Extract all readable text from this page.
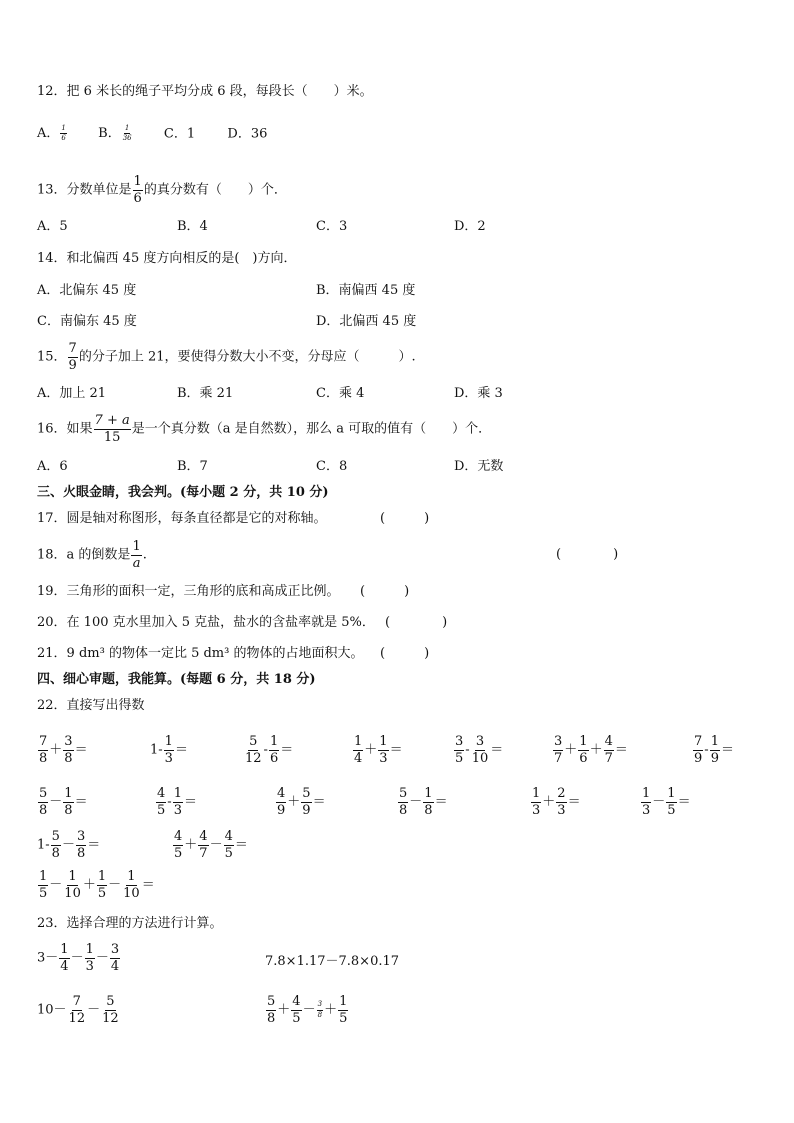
12．把 6 米长的绳子平均分成 6 段，每段长（　　）米。
A． $\frac{1}{6}$ B． $\frac{1}{36}$ C．1 D．36
13．分数单位是 $\frac{1}{6}$ 的真分数有（　　）个．
A．5	B．4	C．3	D．2
14．和北偏西 45 度方向相反的是(　)方向．
A．北偏东 45 度	B．南偏西 45 度
C．南偏东 45 度	D．北偏西 45 度
15． $\frac{7}{9}$ 的分子加上 21，要使得分数大小不变，分母应（　　　）.
A．加上 21	B．乘 21	C．乘 4	D．乘 3
16．如果 $\frac{7 + a}{15}$ 是一个真分数（a 是自然数），那么 a 可取的值有（　　）个．
A．6	B．7	C．8	D．无数
三、火眼金睛，我会判。(每小题 2 分，共 10 分)
17．圆是轴对称图形，每条直径都是它的对称轴。	(　　　)
18．a 的倒数是 $\frac{1}{a}$ .	(　　　　)
19．三角形的面积一定，三角形的底和高成正比例。 (　　　)
20．在 100 克水里加入 5 克盐，盐水的含盐率就是 5%． (　　　　)
21．9 dm³ 的物体一定比 5 dm³ 的物体的占地面积大。 (　　　)
四、细心审题，我能算。(每题 6 分，共 18 分)
22．直接写出得数
$\frac{7}{8} + \frac{3}{8}$ ＝	$1- \frac{1}{3}$ ＝	$\frac{5}{12} - \frac{1}{6}$ ＝	$\frac{1}{4} + \frac{1}{3}$ ＝	$\frac{3}{5} - \frac{3}{10}$ ＝	$\frac{3}{7} + \frac{1}{6} + \frac{4}{7}$ ＝	$\frac{7}{9} - \frac{1}{9}$ ＝
$\frac{5}{8} - \frac{1}{8}$ ＝	$\frac{4}{5} - \frac{1}{3}$ ＝	$\frac{4}{9} + \frac{5}{9}$ ＝	$\frac{5}{8} - \frac{1}{8}$ ＝	$\frac{1}{3} + \frac{2}{3}$ ＝	$\frac{1}{3} - \frac{1}{5}$ ＝
$1- \frac{5}{8} - \frac{3}{8}$ ＝	$\frac{4}{5} + \frac{4}{7} - \frac{4}{5}$ ＝
$\frac{1}{5} - \frac{1}{10} + \frac{1}{5} - \frac{1}{10}$ ＝
23．选择合理的方法进行计算。
$3- \frac{1}{4} - \frac{1}{3} - \frac{3}{4}$	7.8×1.17－7.8×0.17
$10- \frac{7}{12} - \frac{5}{12}$	$\frac{5}{8} + \frac{4}{5} - \frac{3}{8} + \frac{1}{5}$
